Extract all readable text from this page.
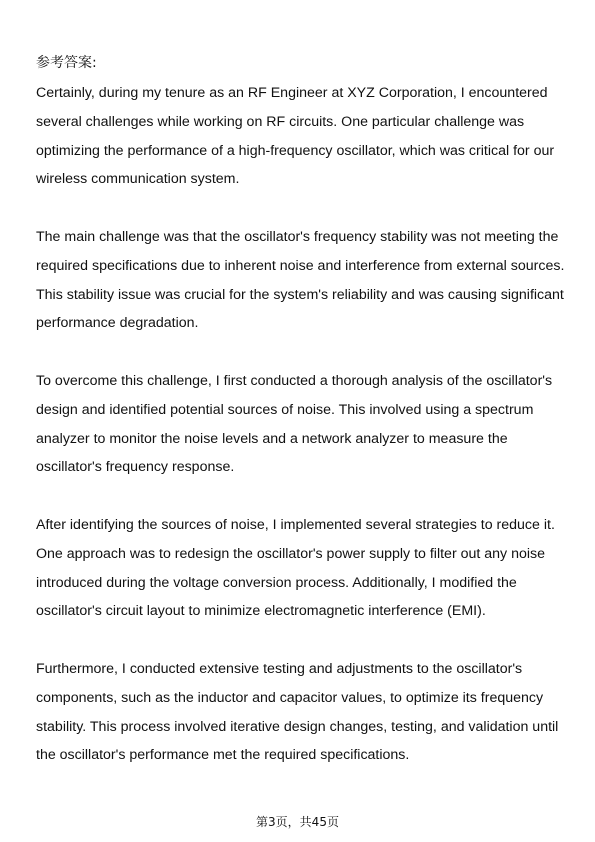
参考答案:

Certainly, during my tenure as an RF Engineer at XYZ Corporation, I encountered several challenges while working on RF circuits. One particular challenge was optimizing the performance of a high-frequency oscillator, which was critical for our wireless communication system.

The main challenge was that the oscillator's frequency stability was not meeting the required specifications due to inherent noise and interference from external sources. This stability issue was crucial for the system's reliability and was causing significant performance degradation.

To overcome this challenge, I first conducted a thorough analysis of the oscillator's design and identified potential sources of noise. This involved using a spectrum analyzer to monitor the noise levels and a network analyzer to measure the oscillator's frequency response.

After identifying the sources of noise, I implemented several strategies to reduce it. One approach was to redesign the oscillator's power supply to filter out any noise introduced during the voltage conversion process. Additionally, I modified the oscillator's circuit layout to minimize electromagnetic interference (EMI).

Furthermore, I conducted extensive testing and adjustments to the oscillator's components, such as the inductor and capacitor values, to optimize its frequency stability. This process involved iterative design changes, testing, and validation until the oscillator's performance met the required specifications.

第3页，共45页
